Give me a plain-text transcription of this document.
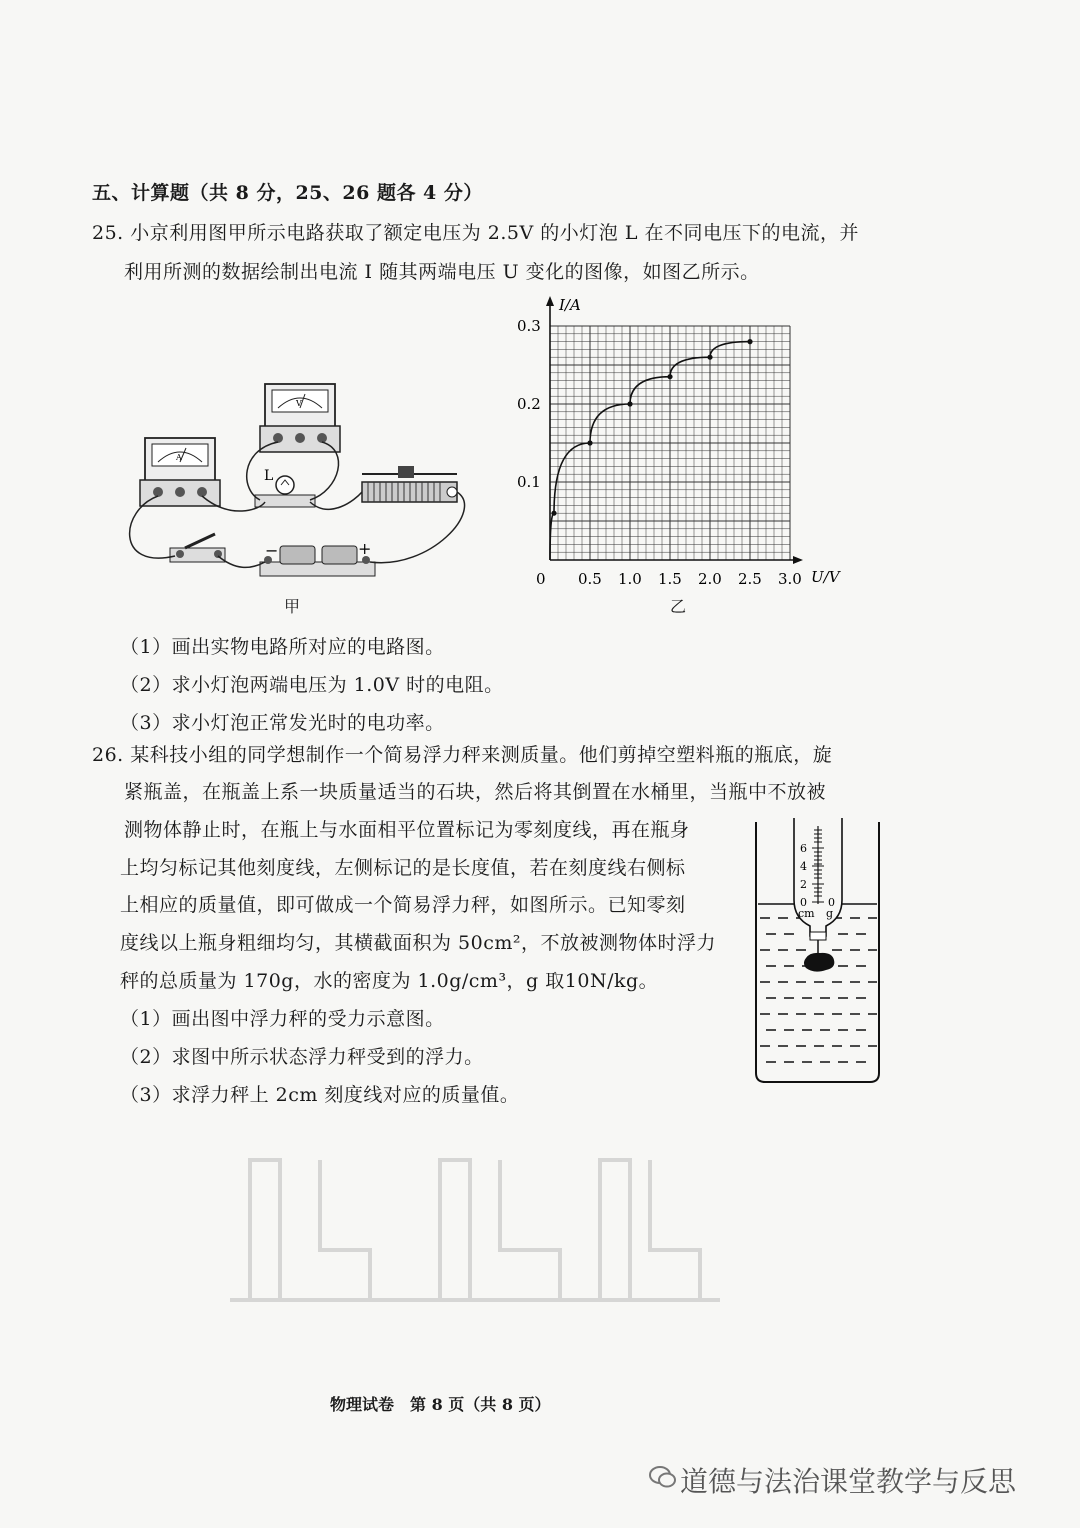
五、计算题（共 8 分，25、26 题各 4 分）
25. 小京利用图甲所示电路获取了额定电压为 2.5V 的小灯泡 L 在不同电压下的电流，并
利用所测的数据绘制出电流 I 随其两端电压 U 变化的图像，如图乙所示。
A
V
L
−	+
甲
I/A
U/V
0 0.5 1.0 1.5 2.0 2.5 3.0
0.1
0.2
0.3
乙
（1）画出实物电路所对应的电路图。
（2）求小灯泡两端电压为 1.0V 时的电阻。
（3）求小灯泡正常发光时的电功率。
26. 某科技小组的同学想制作一个简易浮力秤来测质量。他们剪掉空塑料瓶的瓶底，旋
紧瓶盖，在瓶盖上系一块质量适当的石块，然后将其倒置在水桶里，当瓶中不放被
测物体静止时，在瓶上与水面相平位置标记为零刻度线，再在瓶身
上均匀标记其他刻度线，左侧标记的是长度值，若在刻度线右侧标
上相应的质量值，即可做成一个简易浮力秤，如图所示。已知零刻
度线以上瓶身粗细均匀，其横截面积为 50cm²，不放被测物体时浮力
秤的总质量为 170g，水的密度为 1.0g/cm³，g 取10N/kg。
（1）画出图中浮力秤的受力示意图。
（2）求图中所示状态浮力秤受到的浮力。
（3）求浮力秤上 2cm 刻度线对应的质量值。
6
4
2
0 0
cm g
物理试卷　第 8 页（共 8 页）
道德与法治课堂教学与反思
